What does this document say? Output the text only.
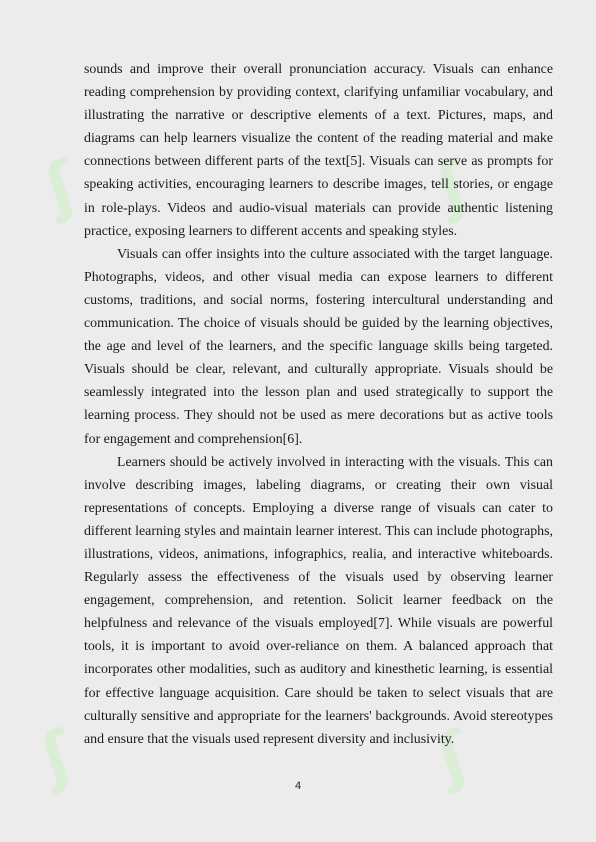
ʃ
ʃ
ʃ
ʃ

sounds and improve their overall pronunciation accuracy. Visuals can enhance reading comprehension by providing context, clarifying unfamiliar vocabulary, and illustrating the narrative or descriptive elements of a text. Pictures, maps, and diagrams can help learners visualize the content of the reading material and make connections between different parts of the text[5]. Visuals can serve as prompts for speaking activities, encouraging learners to describe images, tell stories, or engage in role-plays. Videos and audio-visual materials can provide authentic listening practice, exposing learners to different accents and speaking styles.

Visuals can offer insights into the culture associated with the target language. Photographs, videos, and other visual media can expose learners to different customs, traditions, and social norms, fostering intercultural understanding and communication. The choice of visuals should be guided by the learning objectives, the age and level of the learners, and the specific language skills being targeted. Visuals should be clear, relevant, and culturally appropriate. Visuals should be seamlessly integrated into the lesson plan and used strategically to support the learning process. They should not be used as mere decorations but as active tools for engagement and comprehension[6].

Learners should be actively involved in interacting with the visuals. This can involve describing images, labeling diagrams, or creating their own visual representations of concepts. Employing a diverse range of visuals can cater to different learning styles and maintain learner interest. This can include photographs, illustrations, videos, animations, infographics, realia, and interactive whiteboards. Regularly assess the effectiveness of the visuals used by observing learner engagement, comprehension, and retention. Solicit learner feedback on the helpfulness and relevance of the visuals employed[7]. While visuals are powerful tools, it is important to avoid over-reliance on them. A balanced approach that incorporates other modalities, such as auditory and kinesthetic learning, is essential for effective language acquisition. Care should be taken to select visuals that are culturally sensitive and appropriate for the learners' backgrounds. Avoid stereotypes and ensure that the visuals used represent diversity and inclusivity.

4
